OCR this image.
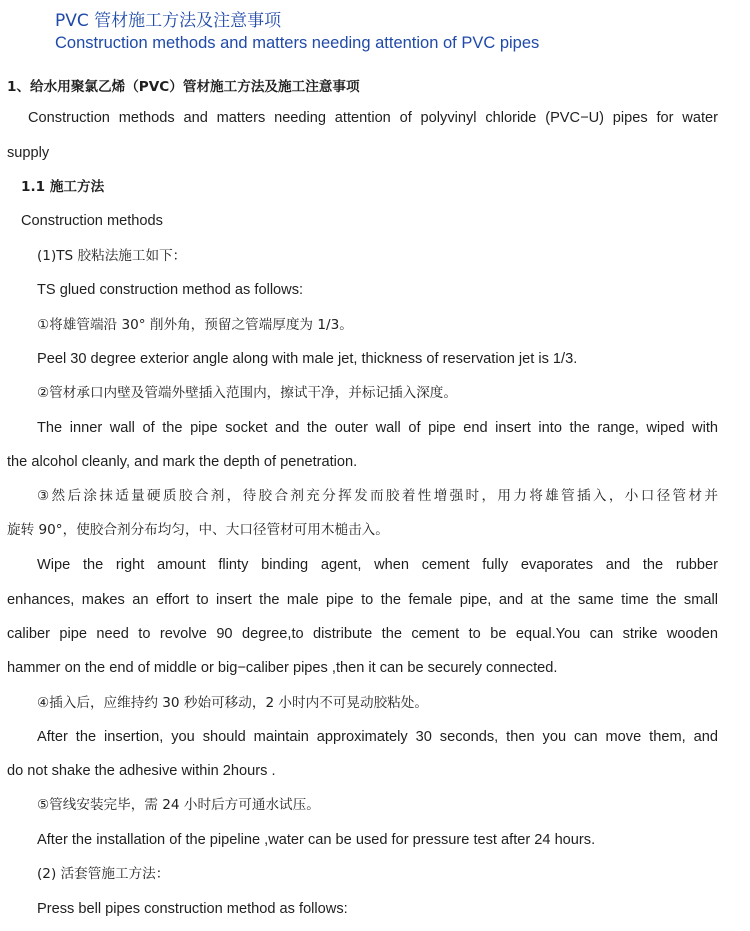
PVC 管材施工方法及注意事项
Construction methods and matters needing attention of PVC pipes
1、给水用聚氯乙烯（PVC）管材施工方法及施工注意事项
Construction methods and matters needing attention of polyvinyl chloride (PVC−U) pipes for water
supply
1.1 施工方法
Construction methods
(1)TS 胶粘法施工如下：
TS glued construction method as follows:
①将雄管端沿 30° 削外角，预留之管端厚度为 1/3。
Peel 30 degree exterior angle along with male jet, thickness of reservation jet is 1/3.
②管材承口内壁及管端外壁插入范围内，擦试干净，并标记插入深度。
The inner wall of the pipe socket and the outer wall of pipe end insert into the range, wiped with
the alcohol cleanly, and mark the depth of penetration.
③然后涂抹适量硬质胶合剂，待胶合剂充分挥发而胶着性增强时，用力将雄管插入，小口径管材并
旋转 90°，使胶合剂分布均匀，中、大口径管材可用木槌击入。
Wipe the right amount flinty binding agent, when cement fully evaporates and the rubber
enhances, makes an effort to insert the male pipe to the female pipe, and at the same time the small
caliber pipe need to revolve 90 degree,to distribute the cement to be equal.You can strike wooden
hammer on the end of middle or big−caliber pipes ,then it can be securely connected.
④插入后，应维持约 30 秒始可移动，2 小时内不可晃动胶粘处。
After the insertion, you should maintain approximately 30 seconds, then you can move them, and
do not shake the adhesive within 2hours .
⑤管线安装完毕，需 24 小时后方可通水试压。
After the installation of the pipeline ,water can be used for pressure test after 24 hours.
(2) 活套管施工方法：
Press bell pipes construction method as follows:
